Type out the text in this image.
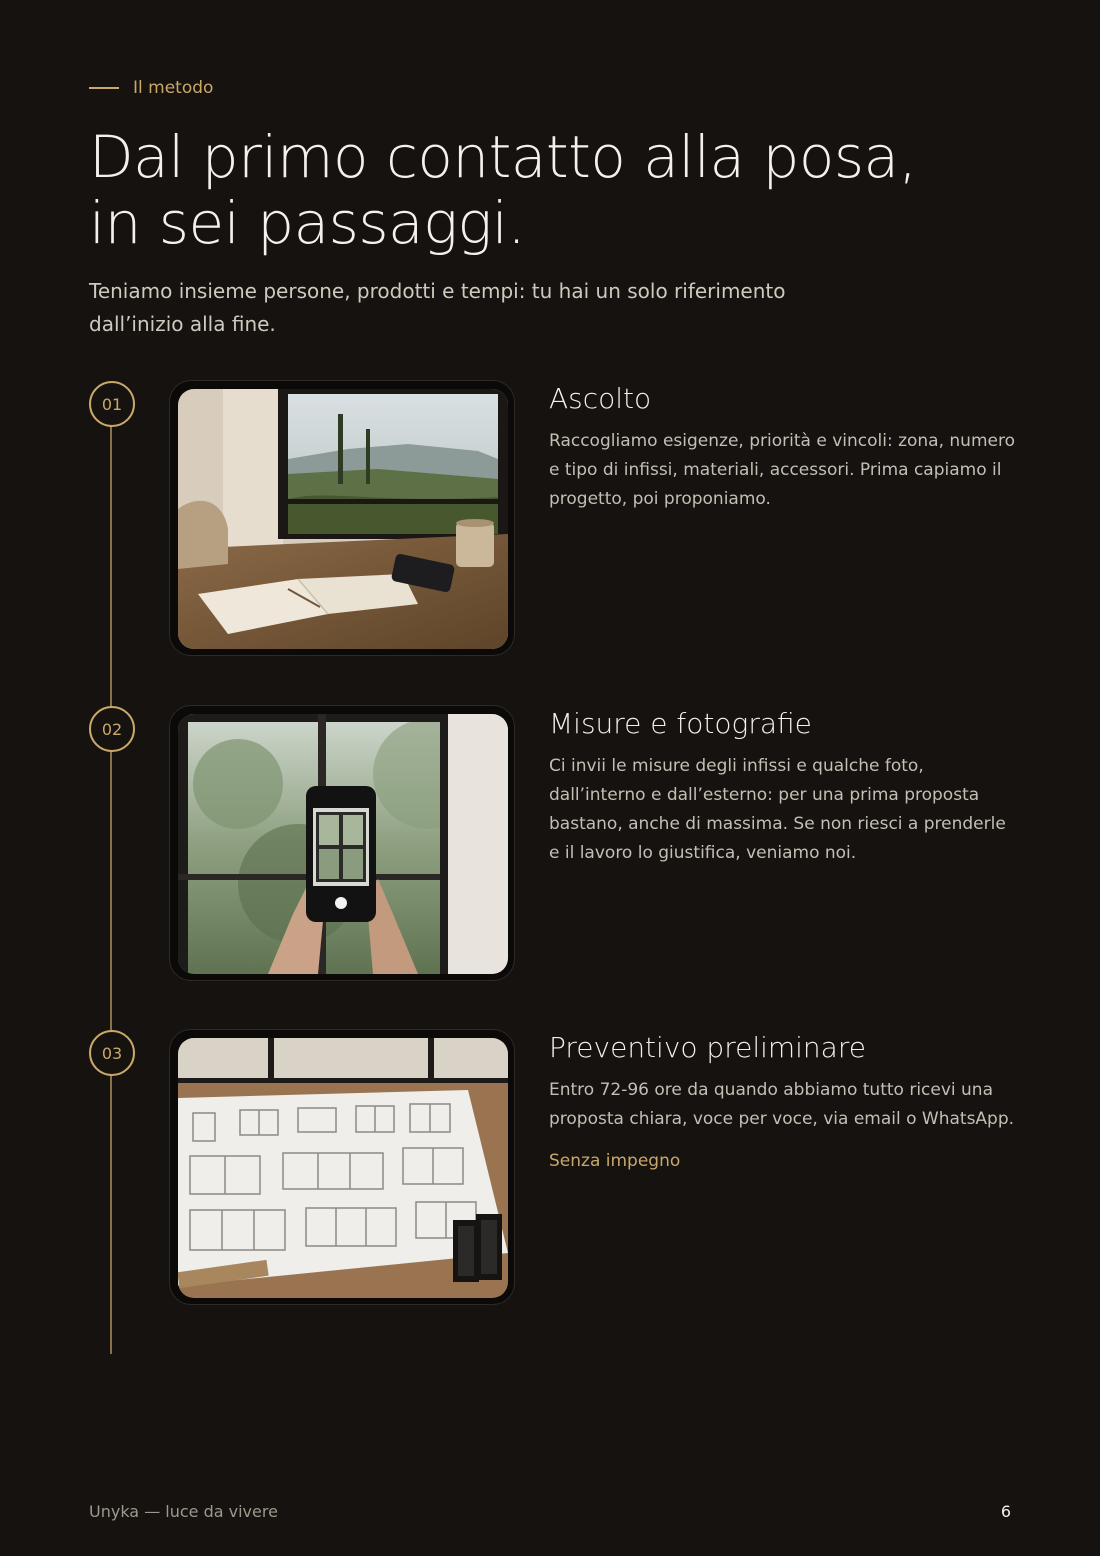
Il metodo
Dal primo contatto alla posa,
in sei passaggi.
Teniamo insieme persone, prodotti e tempi: tu hai un solo riferimento dall’inizio alla fine.
01	Ascolto
Raccogliamo esigenze, priorità e vincoli: zona, numero e tipo di infissi, materiali, accessori. Prima capiamo il progetto, poi proponiamo.
02	Misure e fotografie
Ci invii le misure degli infissi e qualche foto, dall’interno e dall’esterno: per una prima proposta bastano, anche di massima. Se non riesci a prenderle e il lavoro lo giustifica, veniamo noi.
03	Preventivo preliminare
Entro 72-96 ore da quando abbiamo tutto ricevi una proposta chiara, voce per voce, via email o WhatsApp.
Senza impegno
Unyka — luce da vivere	6
